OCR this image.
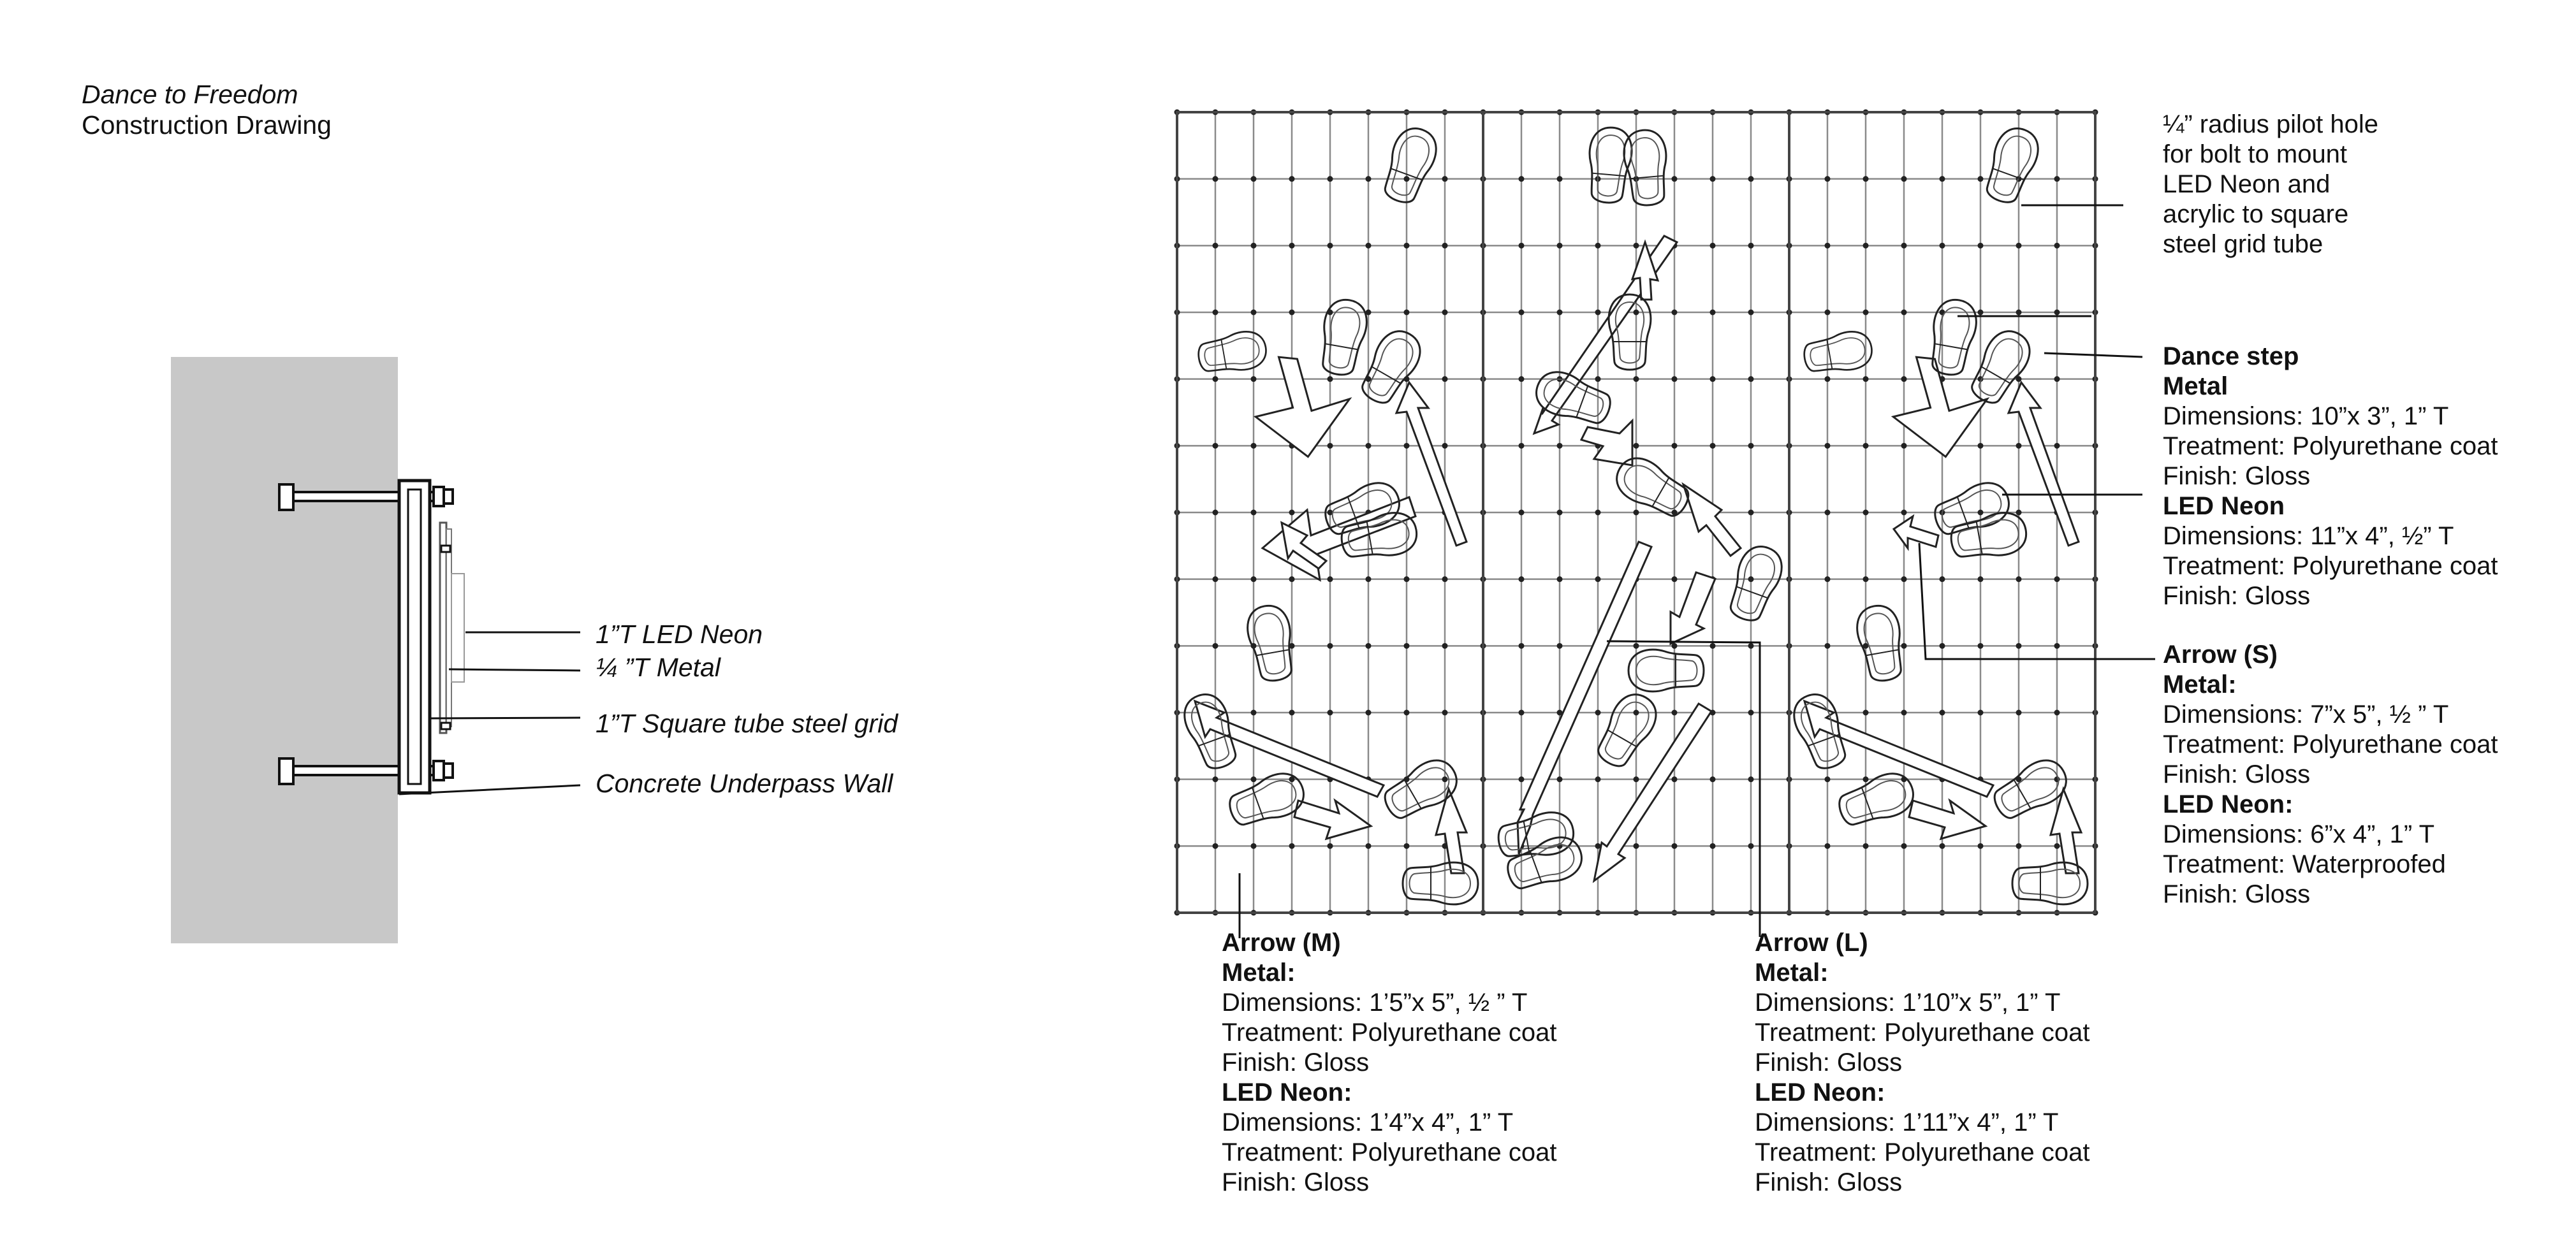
Dance to Freedom
Construction Drawing
1”T LED Neon
¼ ”T Metal
1”T Square tube steel grid
Concrete Underpass Wall
¼” radius pilot hole
for bolt to mount
LED Neon and
acrylic to square
steel grid tube
Dance step
Metal
Dimensions: 10”x 3”, 1” T
Treatment: Polyurethane coat
Finish: Gloss
LED Neon
Dimensions: 11”x 4”, ½” T
Treatment: Polyurethane coat
Finish: Gloss
Arrow (S)
Metal:
Dimensions: 7”x 5”, ½ ” T
Treatment: Polyurethane coat
Finish: Gloss
LED Neon:
Dimensions: 6”x 4”, 1” T
Treatment: Waterproofed
Finish: Gloss
Arrow (M)
Metal:
Dimensions: 1’5”x 5”, ½ ” T
Treatment: Polyurethane coat
Finish: Gloss
LED Neon:
Dimensions: 1’4”x 4”, 1” T
Treatment: Polyurethane coat
Finish: Gloss
Arrow (L)
Metal:
Dimensions: 1’10”x 5”, 1” T
Treatment: Polyurethane coat
Finish: Gloss
LED Neon:
Dimensions: 1’11”x 4”, 1” T
Treatment: Polyurethane coat
Finish: Gloss
